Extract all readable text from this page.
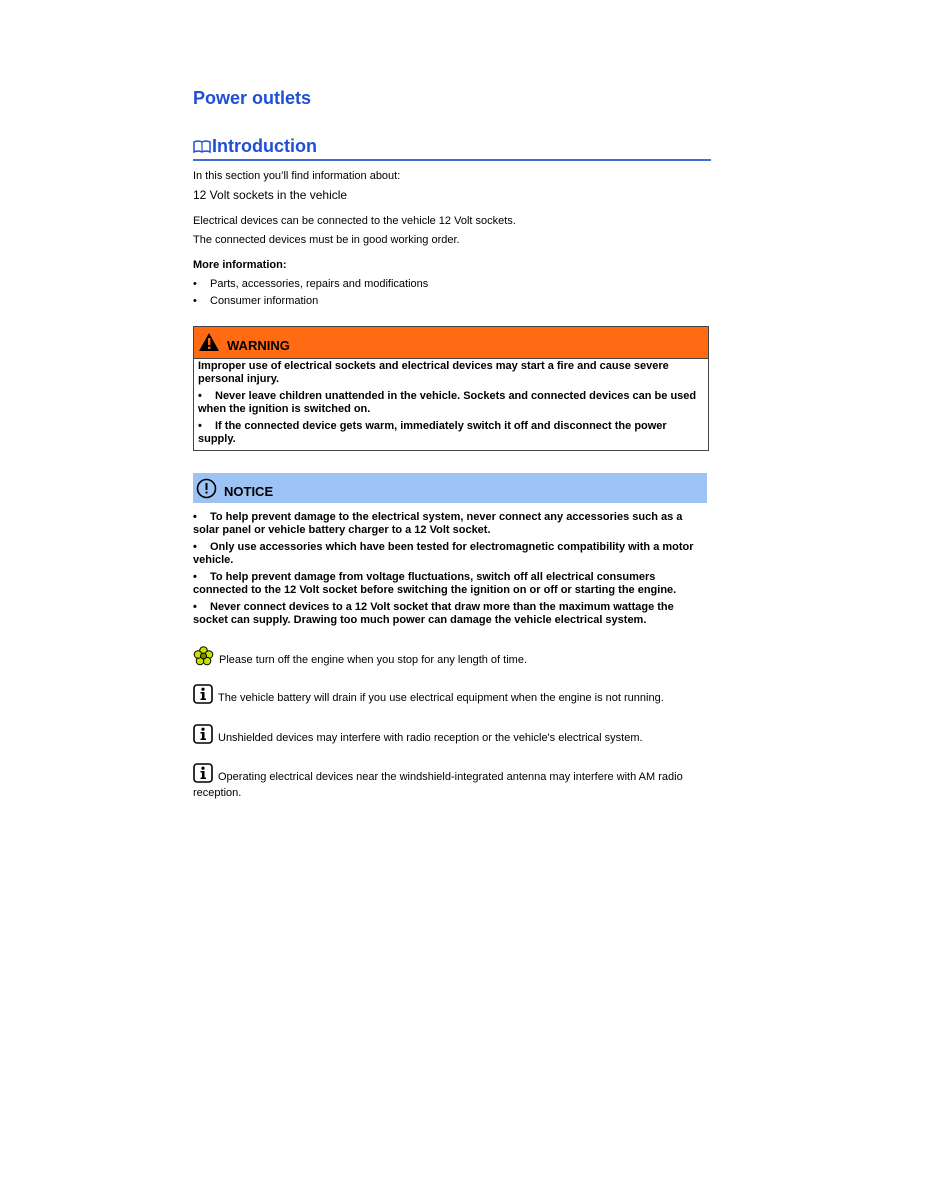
Power outlets
Introduction
In this section you’ll find information about:
12 Volt sockets in the vehicle
Electrical devices can be connected to the vehicle 12 Volt sockets.
The connected devices must be in good working order.
More information:
• Parts, accessories, repairs and modifications
• Consumer information
WARNING

Improper use of electrical sockets and electrical devices may start a fire and cause severe personal injury.

• Never leave children unattended in the vehicle. Sockets and connected devices can be used when the ignition is switched on.

• If the connected device gets warm, immediately switch it off and disconnect the power supply.

NOTICE

• To help prevent damage to the electrical system, never connect any accessories such as a solar panel or vehicle battery charger to a 12 Volt socket.

• Only use accessories which have been tested for electromagnetic compatibility with a motor vehicle.

• To help prevent damage from voltage fluctuations, switch off all electrical consumers connected to the 12 Volt socket before switching the ignition on or off or starting the engine.

• Never connect devices to a 12 Volt socket that draw more than the maximum wattage the socket can supply. Drawing too much power can damage the vehicle electrical system.

Please turn off the engine when you stop for any length of time.
The vehicle battery will drain if you use electrical equipment when the engine is not running.
Unshielded devices may interfere with radio reception or the vehicle's electrical system.
Operating electrical devices near the windshield-integrated antenna may interfere with AM radio reception.
